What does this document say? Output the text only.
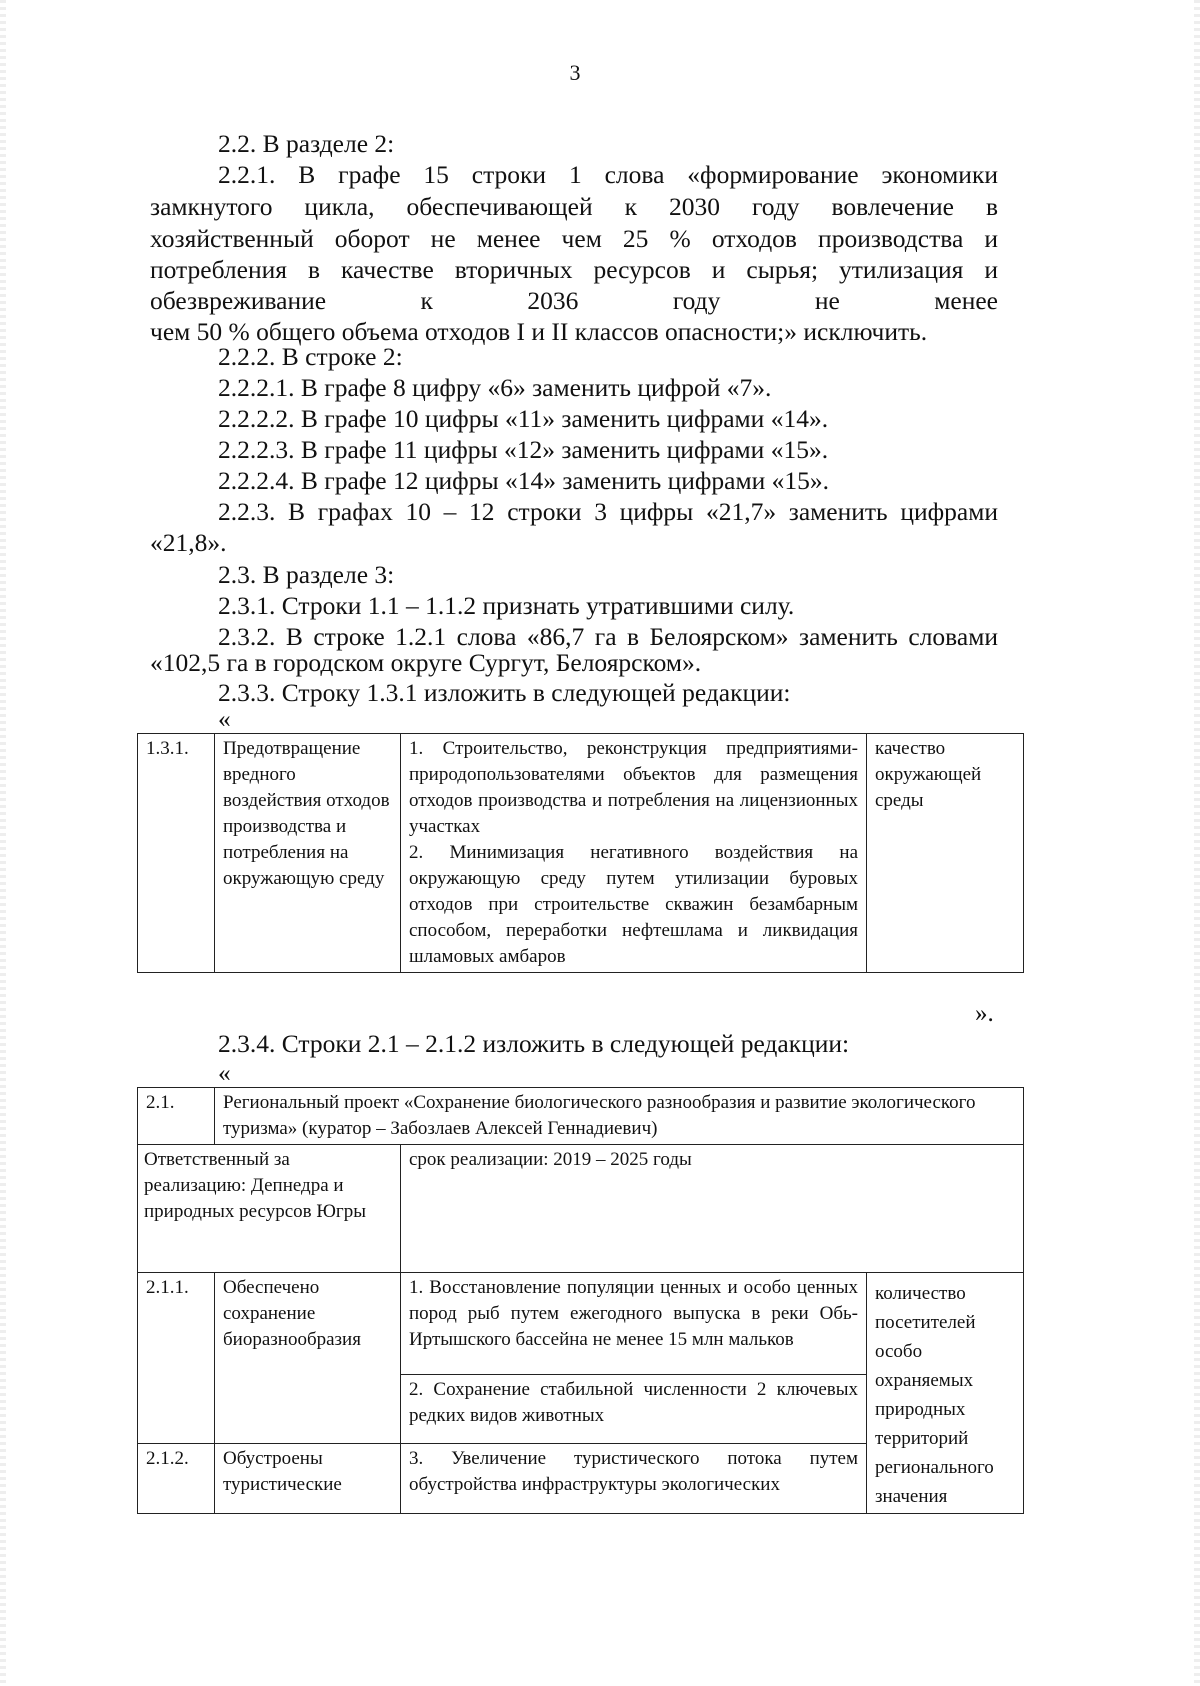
3
2.2. В разделе 2:
2.2.1. В графе 15 строки 1 слова «формирование экономики
замкнутого цикла, обеспечивающей к 2030 году вовлечение в
хозяйственный оборот не менее чем 25 % отходов производства и
потребления в качестве вторичных ресурсов и сырья; утилизация и
обезвреживание к 2036 году не менее
чем 50 % общего объема отходов I и II классов опасности;» исключить.
2.2.2. В строке 2:
2.2.2.1. В графе 8 цифру «6» заменить цифрой «7».
2.2.2.2. В графе 10 цифры «11» заменить цифрами «14».
2.2.2.3. В графе 11 цифры «12» заменить цифрами «15».
2.2.2.4. В графе 12 цифры «14» заменить цифрами «15».
2.2.3. В графах 10 – 12 строки 3 цифры «21,7» заменить цифрами
«21,8».
2.3. В разделе 3:
2.3.1. Строки 1.1 – 1.1.2 признать утратившими силу.
2.3.2. В строке 1.2.1 слова «86,7 га в Белоярском» заменить словами
«102,5 га в городском округе Сургут, Белоярском».
2.3.3. Строку 1.3.1 изложить в следующей редакции:
«
2.3.4. Строки 2.1 – 2.1.2 изложить в следующей редакции:
«
1.3.1.	Предотвращение вредного воздействия отходов производства и потребления на окружающую среду	
1. Строительство, реконструкция предприятиями-природопользователями объектов для размещения отходов производства и потребления на лицензионных участках
2. Минимизация негативного воздействия на окружающую среду путем утилизации буровых отходов при строительстве скважин безамбарным способом, переработки нефтешлама и ликвидация шламовых амбаров
	качество окружающей среды
».
2.1.	Региональный проект «Сохранение биологического разнообразия и развитие экологического туризма» (куратор – Забозлаев Алексей Геннадиевич)		
Ответственный за реализацию: Депнедра и природных ресурсов Югры		срок реализации: 2019 – 2025 годы	
2.1.1.	Обеспечено сохранение биоразнообразия	1. Восстановление популяции ценных и особо ценных пород рыб путем ежегодного выпуска в реки Обь-Иртышского бассейна не менее 15 млн мальков	количество посетителей особо охраняемых природных территорий регионального значения
		2. Сохранение стабильной численности 2 ключевых редких видов животных	
2.1.2.	Обустроены туристические	3. Увеличение туристического потока путем обустройства инфраструктуры экологических	
